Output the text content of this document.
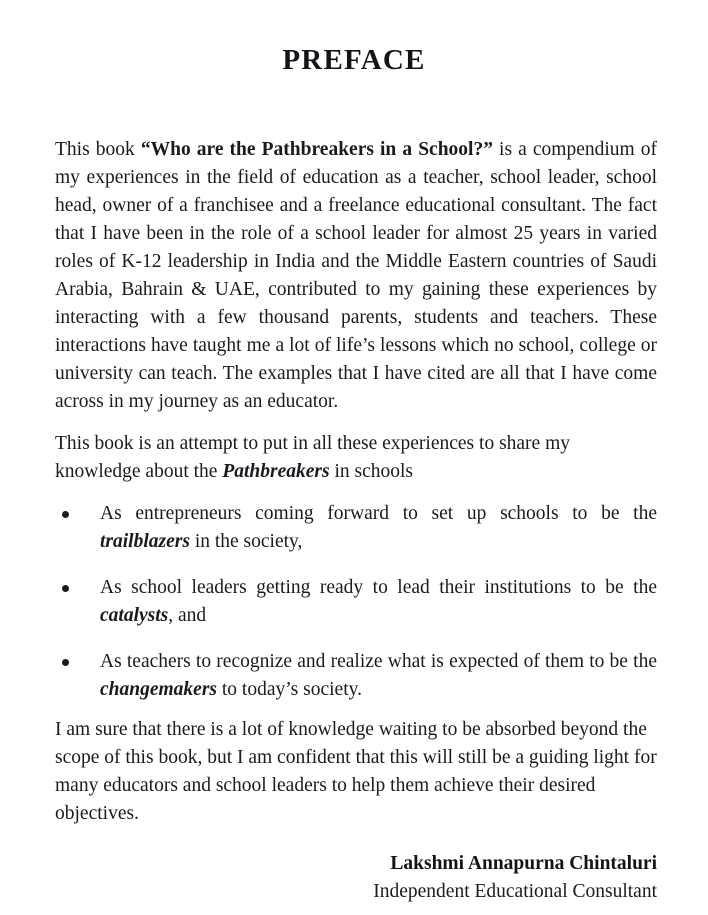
PREFACE

This book “Who are the Pathbreakers in a School?” is a compendium of my experiences in the field of education as a teacher, school leader, school head, owner of a franchisee and a freelance educational consultant. The fact that I have been in the role of a school leader for almost 25 years in varied roles of K-12 leadership in India and the Middle Eastern countries of Saudi Arabia, Bahrain & UAE, contributed to my gaining these experiences by interacting with a few thousand parents, students and teachers. These interactions have taught me a lot of life’s lessons which no school, college or university can teach. The examples that I have cited are all that I have come across in my journey as an educator.

This book is an attempt to put in all these experiences to share my knowledge about the Pathbreakers in schools

As entrepreneurs coming forward to set up schools to be the trailblazers in the society,
As school leaders getting ready to lead their institutions to be the catalysts, and
As teachers to recognize and realize what is expected of them to be the changemakers to today’s society.

I am sure that there is a lot of knowledge waiting to be absorbed beyond the scope of this book, but I am confident that this will still be a guiding light for many educators and school leaders to help them achieve their desired objectives.

Lakshmi Annapurna Chintaluri
Independent Educational Consultant
